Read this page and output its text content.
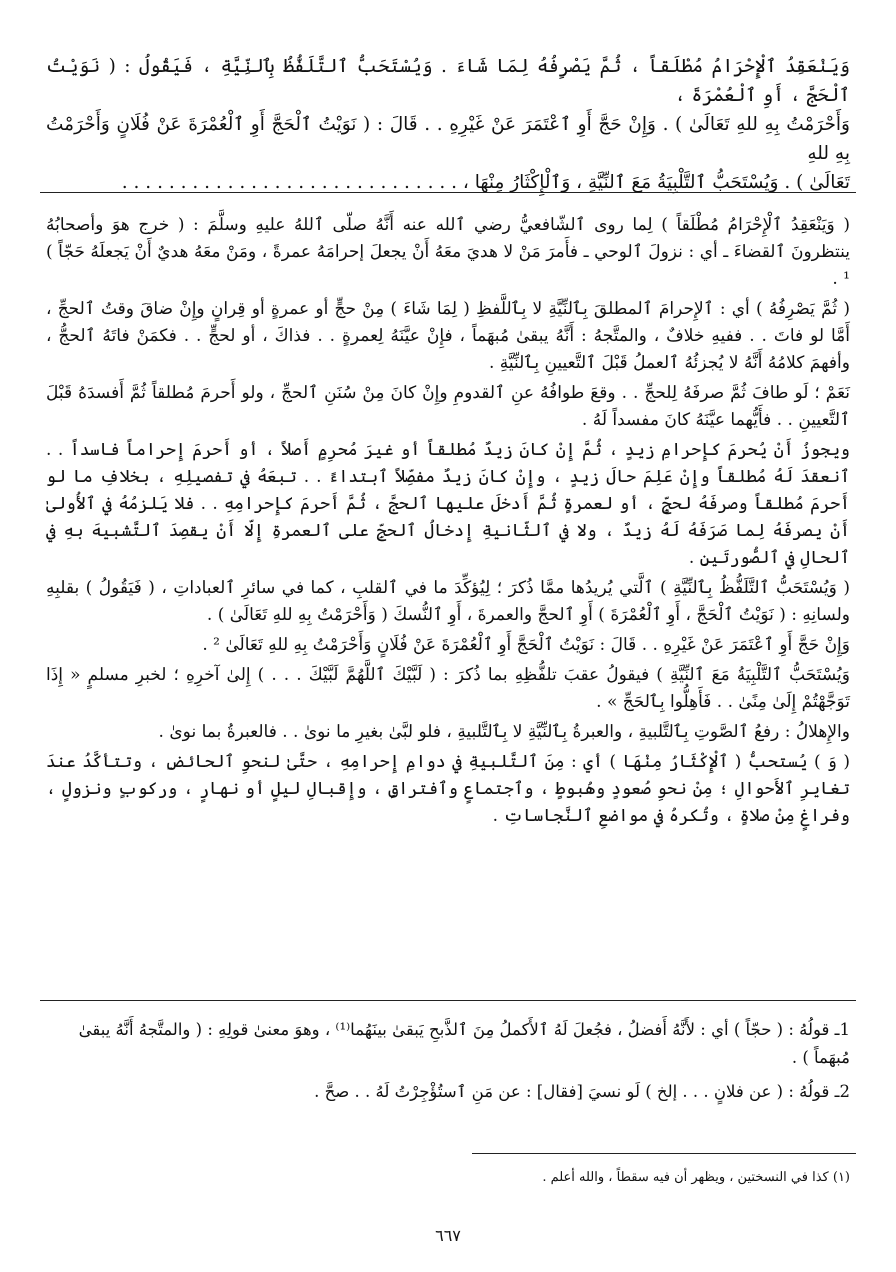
وَيَنْعَقِدُ ٱلْإِحْرَامُ مُطْلَقاً ، ثُمَّ يَصْرِفُهُ لِمَا شَاءَ . وَيُسْتَحَبُّ ٱلتَّلَفُّظُ بِٱلنِّيَّةِ ، فَيَقُولُ : ( نَوَيْتُ ٱلْحَجَّ ، أَوِ ٱلْعُمْرَةَ ،

وَأَحْرَمْتُ بِهِ للهِ تَعَالَىٰ ) . وَإِنْ حَجَّ أَوِ ٱعْتَمَرَ عَنْ غَيْرِهِ . . قَالَ : ( نَوَيْتُ ٱلْحَجَّ أَوِ ٱلْعُمْرَةَ عَنْ فُلَانٍ وَأَحْرَمْتُ بِهِ للهِ

تَعَالَىٰ ) . وَيُسْتَحَبُّ ٱلتَّلْبِيَةُ مَعَ ٱلنِّيَّةِ ، وَٱلْإِكْثَارُ مِنْهَا ، . . . . . . . . . . . . . . . . . . . . . . . . . . . . .

( وَيَنْعَقِدُ ٱلْإِحْرَامُ مُطْلَقاً ) لِما روى ٱلشّافعيُّ رضي ٱلله عنه أَنَّهُ صلّى ٱللهُ عليهِ وسلَّمَ : ( خرج هوَ وأصحابُهُ ينتظرونَ ٱلقضاءَ ـ أي : نزولَ ٱلوحي ـ فأَمرَ مَنْ لا هديَ معَهُ أَنْ يجعلَ إحرامَهُ عمرةً ، ومَنْ معَهُ هديٌ أَنْ يَجعلَهُ حَجّاً ) ¹ .

( ثُمَّ يَصْرِفُهُ ) أي : ٱلإِحرامَ ٱلمطلقَ بِٱلنِّيَّةِ لا بِٱللَّفظِ ( لِمَا شَاءَ ) مِنْ حجٍّ أو عمرةٍ أو قِرانٍ وإِنْ ضاقَ وقتُ ٱلحجِّ ، أَمَّا لو فاتَ . . ففيهِ خلافٌ ، والمتَّجهُ : أَنَّهُ يبقىٰ مُبهَماً ، فإِنْ عيَّنَهُ لِعمرةٍ . . فذاكَ ، أو لحجٍّ . . فكمَنْ فاتَهُ ٱلحجُّ ، وأفهمَ كلامُهُ أَنَّهُ لا يُجزئُهُ ٱلعملُ قَبْلَ ٱلتَّعيينِ بِٱلنِّيَّةِ .

نَعَمْ ؛ لَو طافَ ثُمَّ صرفَهُ لِلحجِّ . . وقعَ طوافُهُ عنِ ٱلقدومِ وإِنْ كانَ مِنْ سُنَنِ ٱلحجِّ ، ولو أَحرمَ مُطلقاً ثُمَّ أَفسدَهُ قَبْلَ ٱلتَّعيينِ . . فأَيُّهما عيَّنَهُ كانَ مفسداً لَهُ .

ويجوزُ أَنْ يُحرمَ كإِحرامِ زيدٍ ، ثُمَّ إِنْ كانَ زيدٌ مُطلقاً أو غيرَ مُحرِمٍ أَصلاً ، أو أَحرمَ إِحراماً فاسداً . . ٱنعقدَ لَهُ مُطلقاً وإِنْ عَلِمَ حالَ زيدٍ ، وإِنْ كانَ زيدٌ مفصِّلاً ٱبتداءً . . تبعَهُ في تفصيلِهِ ، بخلافِ ما لو أَحرمَ مُطلقاً وصرفَهُ لحجٍّ ، أو لعمرةٍ ثُمَّ أَدخلَ عليها ٱلحجَّ ، ثُمَّ أَحرمَ كإِحرامِهِ . . فلا يَلزمُهُ في ٱلأُولىٰ أَنْ يصرفَهُ لِما صَرَفَهُ لَهُ زيدٌ ، ولا في ٱلثّانيةِ إِدخالُ ٱلحجِّ على ٱلعمرةِ إِلّا أَنْ يقصِدَ ٱلتَّشبيهَ بهِ في ٱلحالِ في ٱلصُّورتَينِ .

( وَيُسْتَحَبُّ ٱلتَّلَفُّظُ بِٱلنِّيَّةِ ) ٱلَّتي يُريدُها ممَّا ذُكرَ ؛ لِيُؤكِّدَ ما في ٱلقلبِ ، كما في سائرِ ٱلعباداتِ ، ( فَيَقُولُ ) بقلبِهِ ولسانِهِ : ( نَوَيْتُ ٱلْحَجَّ ، أَوِ ٱلْعُمْرَةَ ) أَوِ ٱلحجَّ والعمرةَ ، أَوِ ٱلنُّسكَ ( وَأَحْرَمْتُ بِهِ للهِ تَعَالَىٰ ) .

وَإِنْ حَجَّ أَوِ ٱعْتَمَرَ عَنْ غَيْرِهِ . . قَالَ : نَوَيْتُ ٱلْحَجَّ أَوِ ٱلْعُمْرَةَ عَنْ فُلَانٍ وَأَحْرَمْتُ بِهِ للهِ تَعَالَىٰ ² .

وَيُسْتَحَبُّ ٱلتَّلْبِيَةُ مَعَ ٱلنِّيَّةِ ) فيقولُ عقبَ تلفُّظِهِ بما ذُكرَ : ( لَبَّيْكَ ٱللَّهُمَّ لَبَّيْكَ . . . ) إِلىٰ آخرِهِ ؛ لخبرِ مسلمٍ « إِذَا تَوَجَّهْتُمْ إِلَىٰ مِنًىٰ . . فَأَهِلُّوا بِٱلحَجِّ » .

والإِهلالُ : رفعُ ٱلصَّوتِ بِٱلتَّلبيةِ ، والعبرةُ بِٱلنِّيَّةِ لا بِٱلتَّلبيةِ ، فلو لبَّىٰ بغيرِ ما نوىٰ . . فالعبرةُ بما نوىٰ .

( وَ ) يُستحبُّ ( ٱلْإِكْثَارُ مِنْهَا ) أي : مِنَ ٱلتَّلبيةِ في دوامِ إِحرامِهِ ، حتَّىٰ لنحوِ ٱلحائضِ ، وتتأكَّدُ عندَ تغايرِ ٱلأَحوالِ ؛ مِنْ نحوِ صُعودٍ وهُبوطٍ ، وٱجتماعٍ وٱفتراقٍ ، وإِقبالِ ليلٍ أو نهارٍ ، وركوبٍ ونزولٍ ، وفراغٍ مِنْ صلاةٍ ، وتُكرهُ في مواضعِ ٱلنَّجاساتِ .

1ـ قولُهُ : ( حجّاً ) أي : لأَنَّهُ أَفضلُ ، فجُعلَ لَهُ ٱلأَكملُ مِنَ ٱلذَّبحِ يَبقىٰ بينَهُما⁽¹⁾ ، وهوَ معنىٰ قولِهِ : ( والمتَّجهُ أَنَّهُ يبقىٰ مُبهَماً ) .

2ـ قولُهُ : ( عن فلانٍ . . . إلخ ) لَو نسيَ [فقال] : عن مَنِ ٱستُؤْجِرْتُ لَهُ . . صحَّ .

(١) كذا في النسختين ، ويظهر أن فيه سقطاً ، والله أعلم .
٦٦٧
